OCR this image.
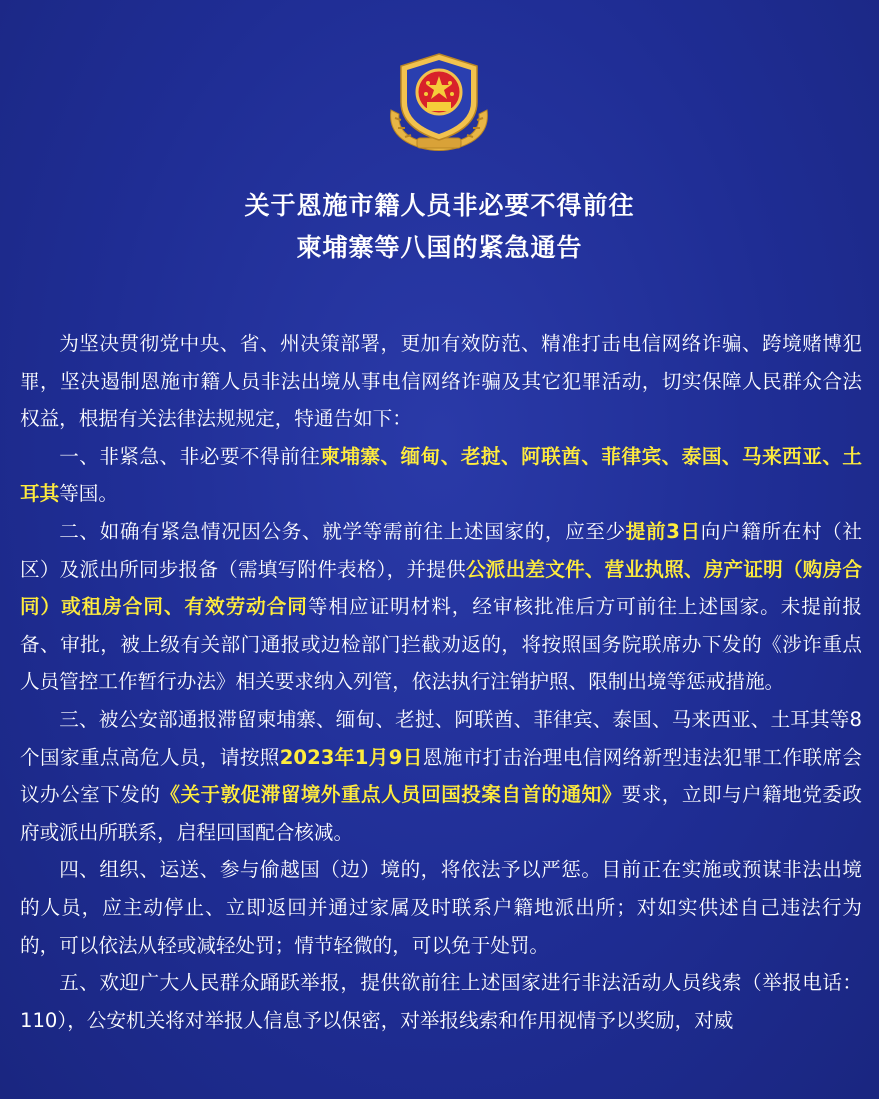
关于恩施市籍人员非必要不得前往
柬埔寨等八国的紧急通告

为坚决贯彻党中央、省、州决策部署，更加有效防范、精准打击电信网络诈骗、跨境赌博犯罪，坚决遏制恩施市籍人员非法出境从事电信网络诈骗及其它犯罪活动，切实保障人民群众合法权益，根据有关法律法规规定，特通告如下：

一、非紧急、非必要不得前往柬埔寨、缅甸、老挝、阿联酋、菲律宾、泰国、马来西亚、土耳其等国。

二、如确有紧急情况因公务、就学等需前往上述国家的，应至少提前3日向户籍所在村（社区）及派出所同步报备（需填写附件表格），并提供公派出差文件、营业执照、房产证明（购房合同）或租房合同、有效劳动合同等相应证明材料，经审核批准后方可前往上述国家。未提前报备、审批，被上级有关部门通报或边检部门拦截劝返的，将按照国务院联席办下发的《涉诈重点人员管控工作暂行办法》相关要求纳入列管，依法执行注销护照、限制出境等惩戒措施。

三、被公安部通报滞留柬埔寨、缅甸、老挝、阿联酋、菲律宾、泰国、马来西亚、土耳其等8个国家重点高危人员，请按照2023年1月9日恩施市打击治理电信网络新型违法犯罪工作联席会议办公室下发的《关于敦促滞留境外重点人员回国投案自首的通知》要求，立即与户籍地党委政府或派出所联系，启程回国配合核减。

四、组织、运送、参与偷越国（边）境的，将依法予以严惩。目前正在实施或预谋非法出境的人员，应主动停止、立即返回并通过家属及时联系户籍地派出所；对如实供述自己违法行为的，可以依法从轻或减轻处罚；情节轻微的，可以免于处罚。

五、欢迎广大人民群众踊跃举报，提供欲前往上述国家进行非法活动人员线索（举报电话：110），公安机关将对举报人信息予以保密，对举报线索和作用视情予以奖励，对威
